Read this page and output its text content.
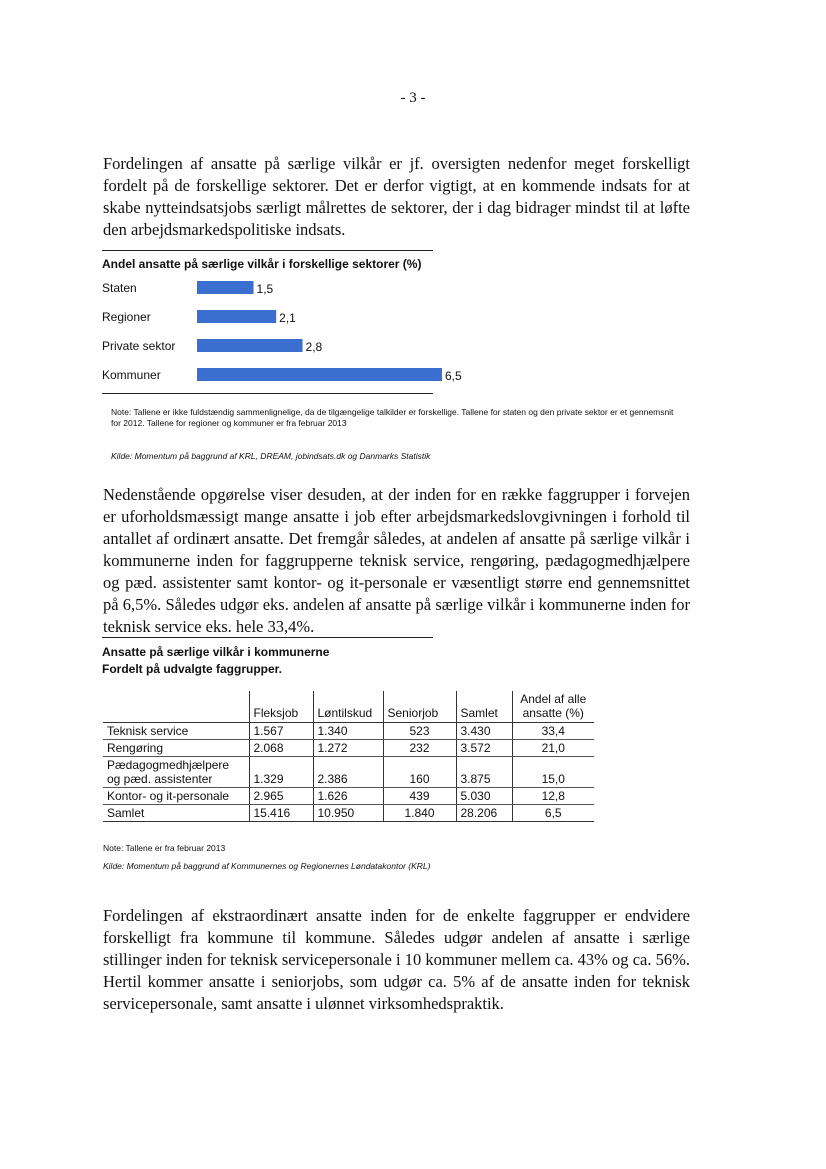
- 3 -
Fordelingen af ansatte på særlige vilkår er jf. oversigten nedenfor meget forskelligt fordelt på de forskellige sektorer. Det er derfor vigtigt, at en kommende indsats for at skabe nytteindsatsjobs særligt målrettes de sektorer, der i dag bidrager mindst til at løfte den arbejdsmarkedspolitiske indsats.
Andel ansatte på særlige vilkår i forskellige sektorer (%)
Staten	1,5
Regioner	2,1
Private sektor	2,8
Kommuner	6,5
Note: Tallene er ikke fuldstændig sammenlignelige, da de tilgængelige talkilder er forskellige. Tallene for staten og den private sektor er et gennemsnit for 2012. Tallene for regioner og kommuner er fra februar 2013
Kilde: Momentum på baggrund af KRL, DREAM, jobindsats.dk og Danmarks Statistik
Nedenstående opgørelse viser desuden, at der inden for en række faggrupper i forvejen er uforholdsmæssigt mange ansatte i job efter arbejdsmarkedslovgivningen i forhold til antallet af ordinært ansatte. Det fremgår således, at andelen af ansatte på særlige vilkår i kommunerne inden for faggrupperne teknisk service, rengøring, pædagogmedhjælpere og pæd. assistenter samt kontor- og it-personale er væsentligt større end gennemsnittet på 6,5%. Således udgør eks. andelen af ansatte på særlige vilkår i kommunerne inden for teknisk service eks. hele 33,4%.
Ansatte på særlige vilkår i kommunerne
Fordelt på udvalgte faggrupper.
	Fleksjob	Løntilskud	Seniorjob	Samlet	Andel af alle ansatte (%)
Teknisk service	1.567	1.340	523	3.430	33,4
Rengøring	2.068	1.272	232	3.572	21,0
Pædagogmedhjælpere og pæd. assistenter	1.329	2.386	160	3.875	15,0
Kontor- og it-personale	2.965	1.626	439	5.030	12,8
Samlet	15.416	10.950	1.840	28.206	6,5
Note: Tallene er fra februar 2013
Kilde: Momentum på baggrund af Kommunernes og Regionernes Løndatakontor (KRL)
Fordelingen af ekstraordinært ansatte inden for de enkelte faggrupper er endvidere forskelligt fra kommune til kommune. Således udgør andelen af ansatte i særlige stillinger inden for teknisk servicepersonale i 10 kommuner mellem ca. 43% og ca. 56%. Hertil kommer ansatte i seniorjobs, som udgør ca. 5% af de ansatte inden for teknisk servicepersonale, samt ansatte i ulønnet virksomhedspraktik.
